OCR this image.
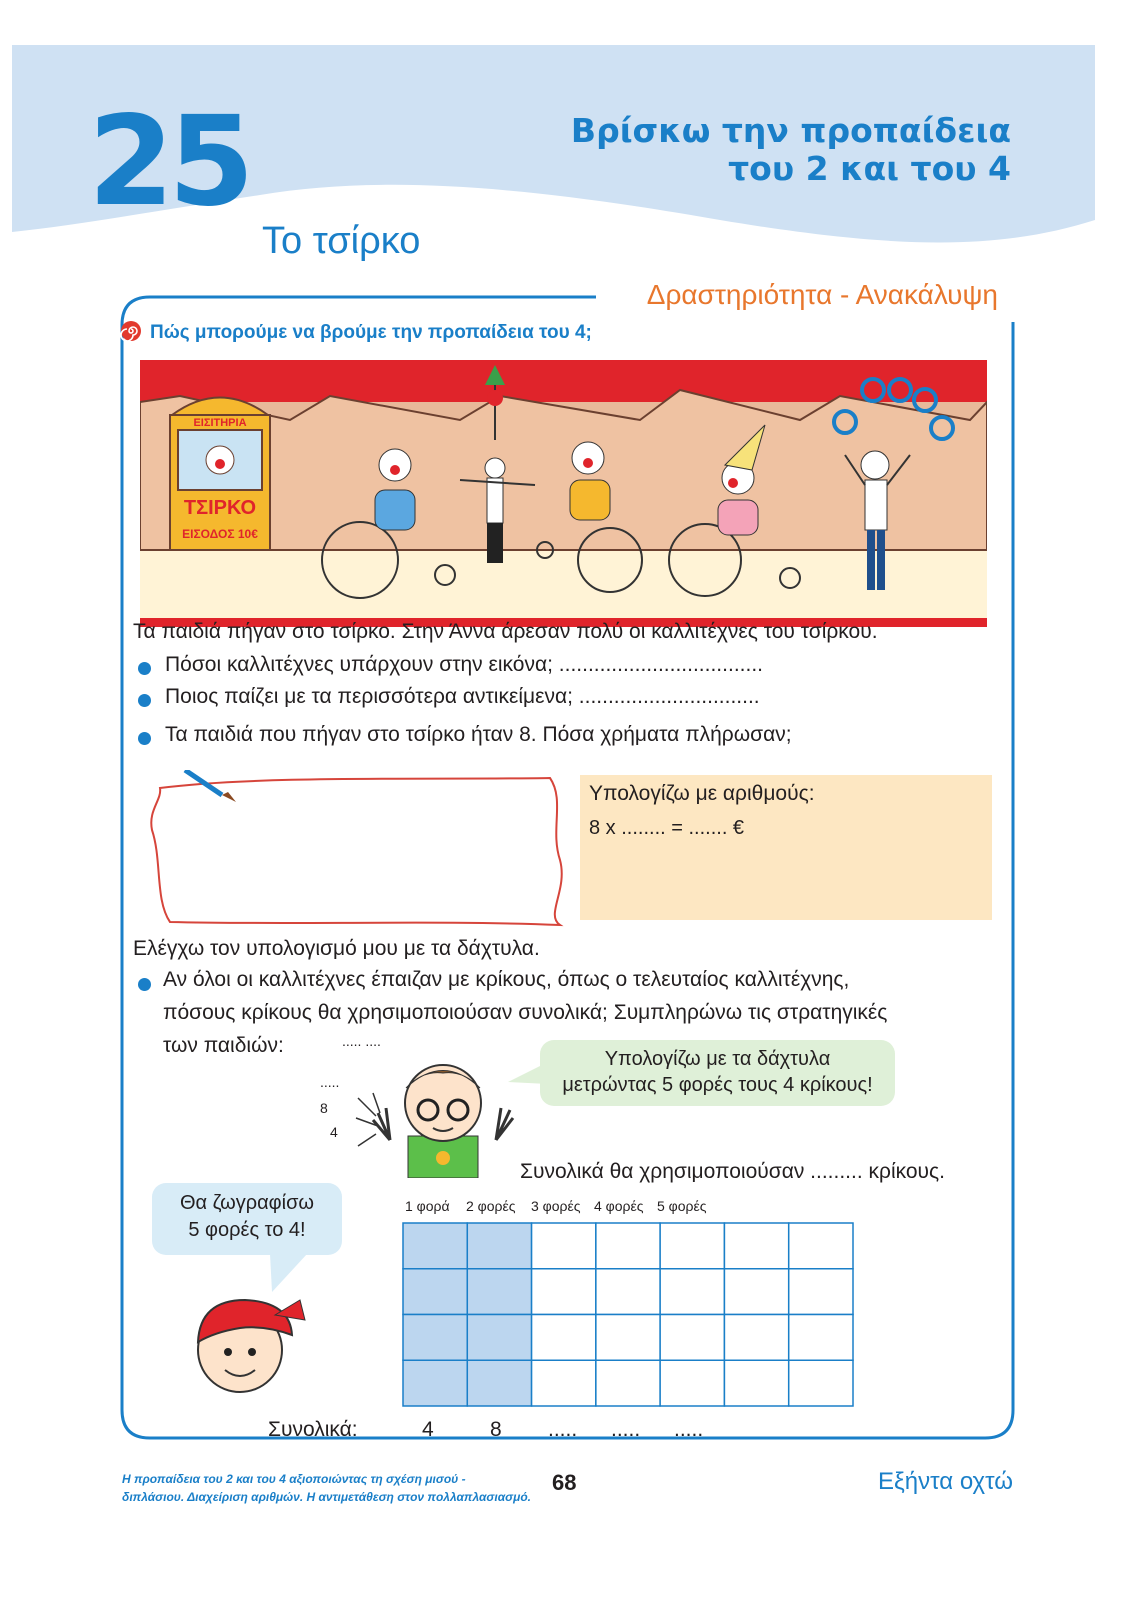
25	Βρίσκω την προπαίδεια
του 2 και του 4
Το τσίρκο
Δραστηριότητα - Ανακάλυψη
Πώς μπορούμε να βρούμε την προπαίδεια του 4;
ΕΙΣΙΤΗΡΙΑ
ΤΣΙΡΚΟ
ΕΙΣΟΔΟΣ 10€
Τα παιδιά πήγαν στο τσίρκο. Στην Άννα άρεσαν πολύ οι καλλιτέχνες του τσίρκου.
Πόσοι καλλιτέχνες υπάρχουν στην εικόνα; ...................................
Ποιος παίζει με τα περισσότερα αντικείμενα; ...............................
Τα παιδιά που πήγαν στο τσίρκο ήταν 8. Πόσα χρήματα πλήρωσαν;
Υπολογίζω με αριθμούς:
8 x ........ = ....... €
Ελέγχω τον υπολογισμό μου με τα δάχτυλα.
Αν όλοι οι καλλιτέχνες έπαιζαν με κρίκους, όπως ο τελευταίος καλλιτέχνης,
πόσους κρίκους θα χρησιμοποιούσαν συνολικά; Συμπληρώνω τις στρατηγικές
των παιδιών:	..... ....
.....
8
4
Υπολογίζω με τα δάχτυλα
μετρώντας 5 φορές τους 4 κρίκους!
Συνολικά θα χρησιμοποιούσαν ......... κρίκους.
Θα ζωγραφίσω
5 φορές το 4!
1 φορά 2 φορές 3 φορές 4 φορές 5 φορές
Συνολικά:	4	8 ..... ..... .....
Η προπαίδεια του 2 και του 4 αξιοποιώντας τη σχέση μισού -
διπλάσιου. Διαχείριση αριθμών. Η αντιμετάθεση στον πολλαπλασιασμό.
68	Εξήντα οχτώ
